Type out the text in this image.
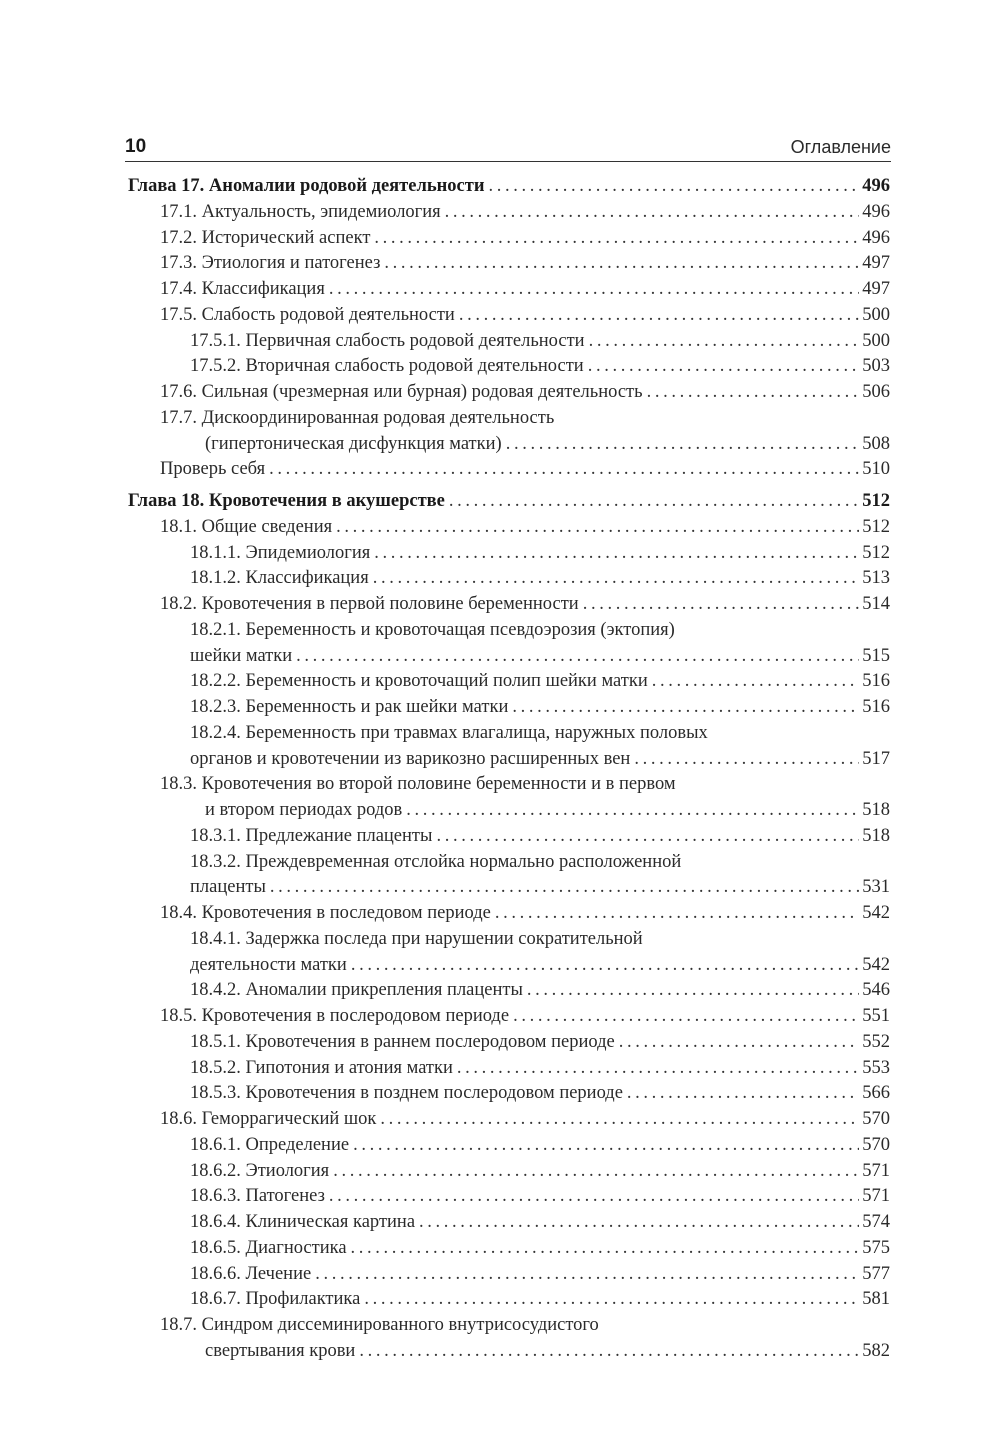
10	Оглавление
Глава 17. Аномалии родовой деятельности . . .	496
17.1. Актуальность, эпидемиология . . .	496
17.2. Исторический аспект . . .	496
17.3. Этиология и патогенез . . .	497
17.4. Классификация . . .	497
17.5. Слабость родовой деятельности . . .	500
17.5.1. Первичная слабость родовой деятельности . . .	500
17.5.2. Вторичная слабость родовой деятельности . . .	503
17.6. Сильная (чрезмерная или бурная) родовая деятельность . . .	506
17.7. Дискоординированная родовая деятельность
(гипертоническая дисфункция матки) . . .	508
Проверь себя . . .	510
Глава 18. Кровотечения в акушерстве . . .	512
18.1. Общие сведения . . .	512
18.1.1. Эпидемиология . . .	512
18.1.2. Классификация . . .	513
18.2. Кровотечения в первой половине беременности . . .	514
18.2.1. Беременность и кровоточащая псевдоэрозия (эктопия)
шейки матки . . .	515
18.2.2. Беременность и кровоточащий полип шейки матки . . .	516
18.2.3. Беременность и рак шейки матки . . .	516
18.2.4. Беременность при травмах влагалища, наружных половых
органов и кровотечении из варикозно расширенных вен . . .	517
18.3. Кровотечения во второй половине беременности и в первом
и втором периодах родов . . .	518
18.3.1. Предлежание плаценты . . .	518
18.3.2. Преждевременная отслойка нормально расположенной
плаценты . . .	531
18.4. Кровотечения в последовом периоде . . .	542
18.4.1. Задержка последа при нарушении сократительной
деятельности матки . . .	542
18.4.2. Аномалии прикрепления плаценты . . .	546
18.5. Кровотечения в послеродовом периоде . . .	551
18.5.1. Кровотечения в раннем послеродовом периоде . . .	552
18.5.2. Гипотония и атония матки . . .	553
18.5.3. Кровотечения в позднем послеродовом периоде . . .	566
18.6. Геморрагический шок . . .	570
18.6.1. Определение . . .	570
18.6.2. Этиология . . .	571
18.6.3. Патогенез . . .	571
18.6.4. Клиническая картина . . .	574
18.6.5. Диагностика . . .	575
18.6.6. Лечение . . .	577
18.6.7. Профилактика . . .	581
18.7. Синдром диссеминированного внутрисосудистого
свертывания крови . . .	582
